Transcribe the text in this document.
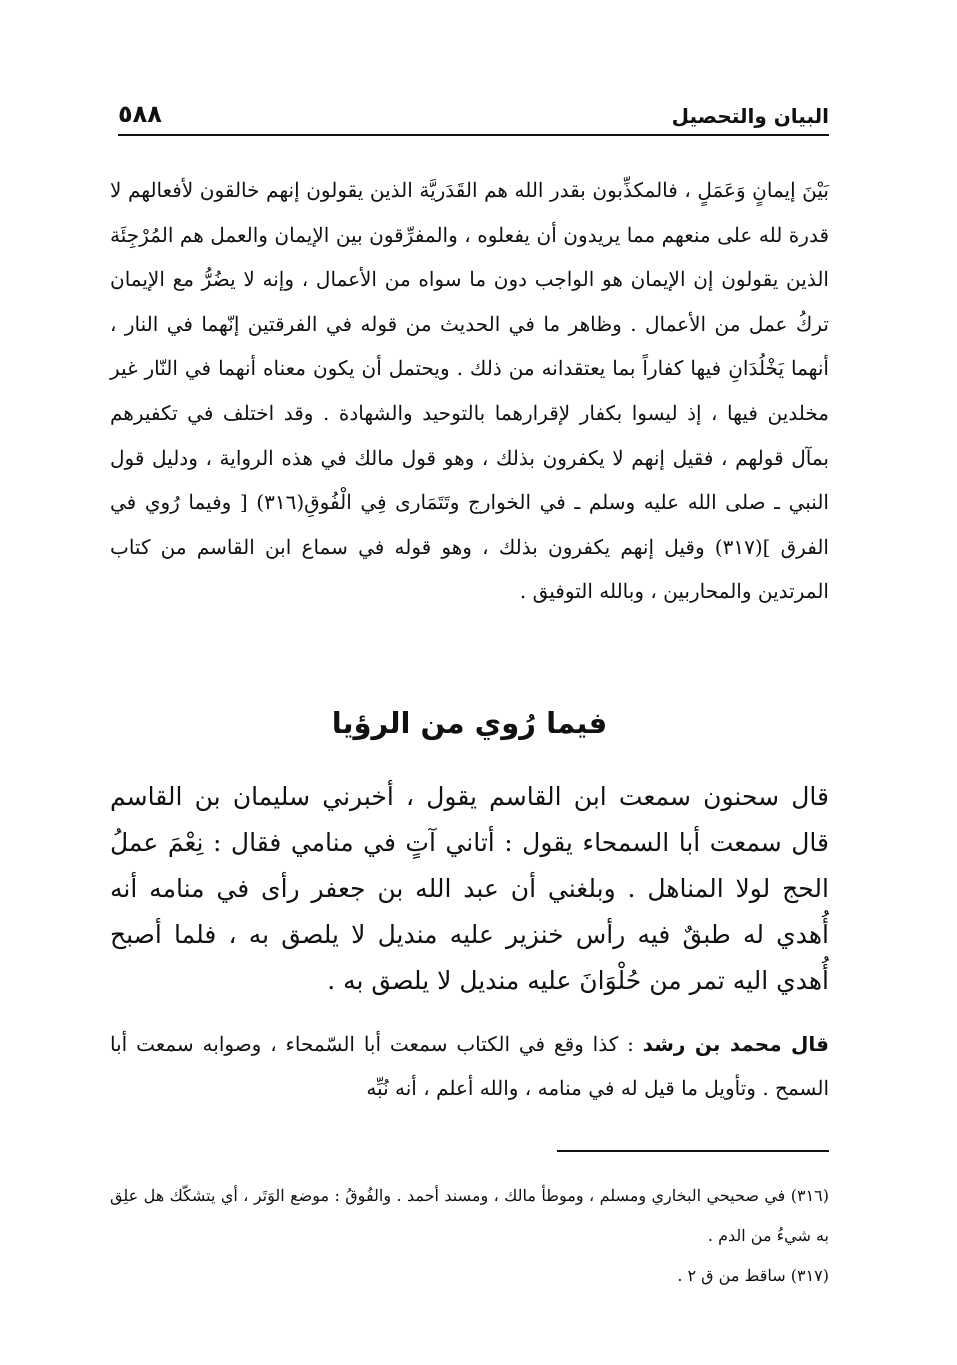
البيان والتحصيل
٥٨٨

بَيْنَ إيمانٍ وَعَمَلٍ ، فالمكذِّبون بقدر الله هم القَدَريَّة الذين يقولون إنهم خالقون لأفعالهم لا قدرة لله على منعهم مما يريدون أن يفعلوه ، والمفرِّقون بين الإيمان والعمل هم المُرْجِئَة الذين يقولون إن الإيمان هو الواجب دون ما سواه من الأعمال ، وإنه لا يضُرُّ مع الإيمان تركُ عمل من الأعمال . وظاهر ما في الحديث من قوله في الفرقتين إنّهما في النار ، أنهما يَخْلُدَانِ فيها كفاراً بما يعتقدانه من ذلك . ويحتمل أن يكون معناه أنهما في النّار غير مخلدين فيها ، إذ ليسوا بكفار لإقرارهما بالتوحيد والشهادة . وقد اختلف في تكفيرهم بمآل قولهم ، فقيل إنهم لا يكفرون بذلك ، وهو قول مالك في هذه الرواية ، ودليل قول النبي ـ صلى الله عليه وسلم ـ في الخوارج وتَتَمَارى فِي الْفُوقِ(٣١٦) [ وفيما رُوي في الفرق ](٣١٧) وقيل إنهم يكفرون بذلك ، وهو قوله في سماع ابن القاسم من كتاب المرتدين والمحاربين ، وبالله التوفيق .

فيما رُوي من الرؤيا

قال سحنون سمعت ابن القاسم يقول ، أخبرني سليمان بن القاسم قال سمعت أبا السمحاء يقول : أتاني آتٍ في منامي فقال : نِعْمَ عملُ الحج لولا المناهل . وبلغني أن عبد الله بن جعفر رأى في منامه أنه أُهدي له طبقٌ فيه رأس خنزير عليه منديل لا يلصق به ، فلما أصبح أُهدي اليه تمر من حُلْوَانَ عليه منديل لا يلصق به .

قال محمد بن رشد : كذا وقع في الكتاب سمعت أبا السّمحاء ، وصوابه سمعت أبا السمح . وتأويل ما قيل له في منامه ، والله أعلم ، أنه نُبِّه

(٣١٦) في صحيحي البخاري ومسلم ، وموطأ مالك ، ومسند أحمد . والفُوقُ : موضع الوَتَر ، أي يتشكّك هل علِق به شيءُ من الدم .

(٣١٧) ساقط من ق ٢ .
